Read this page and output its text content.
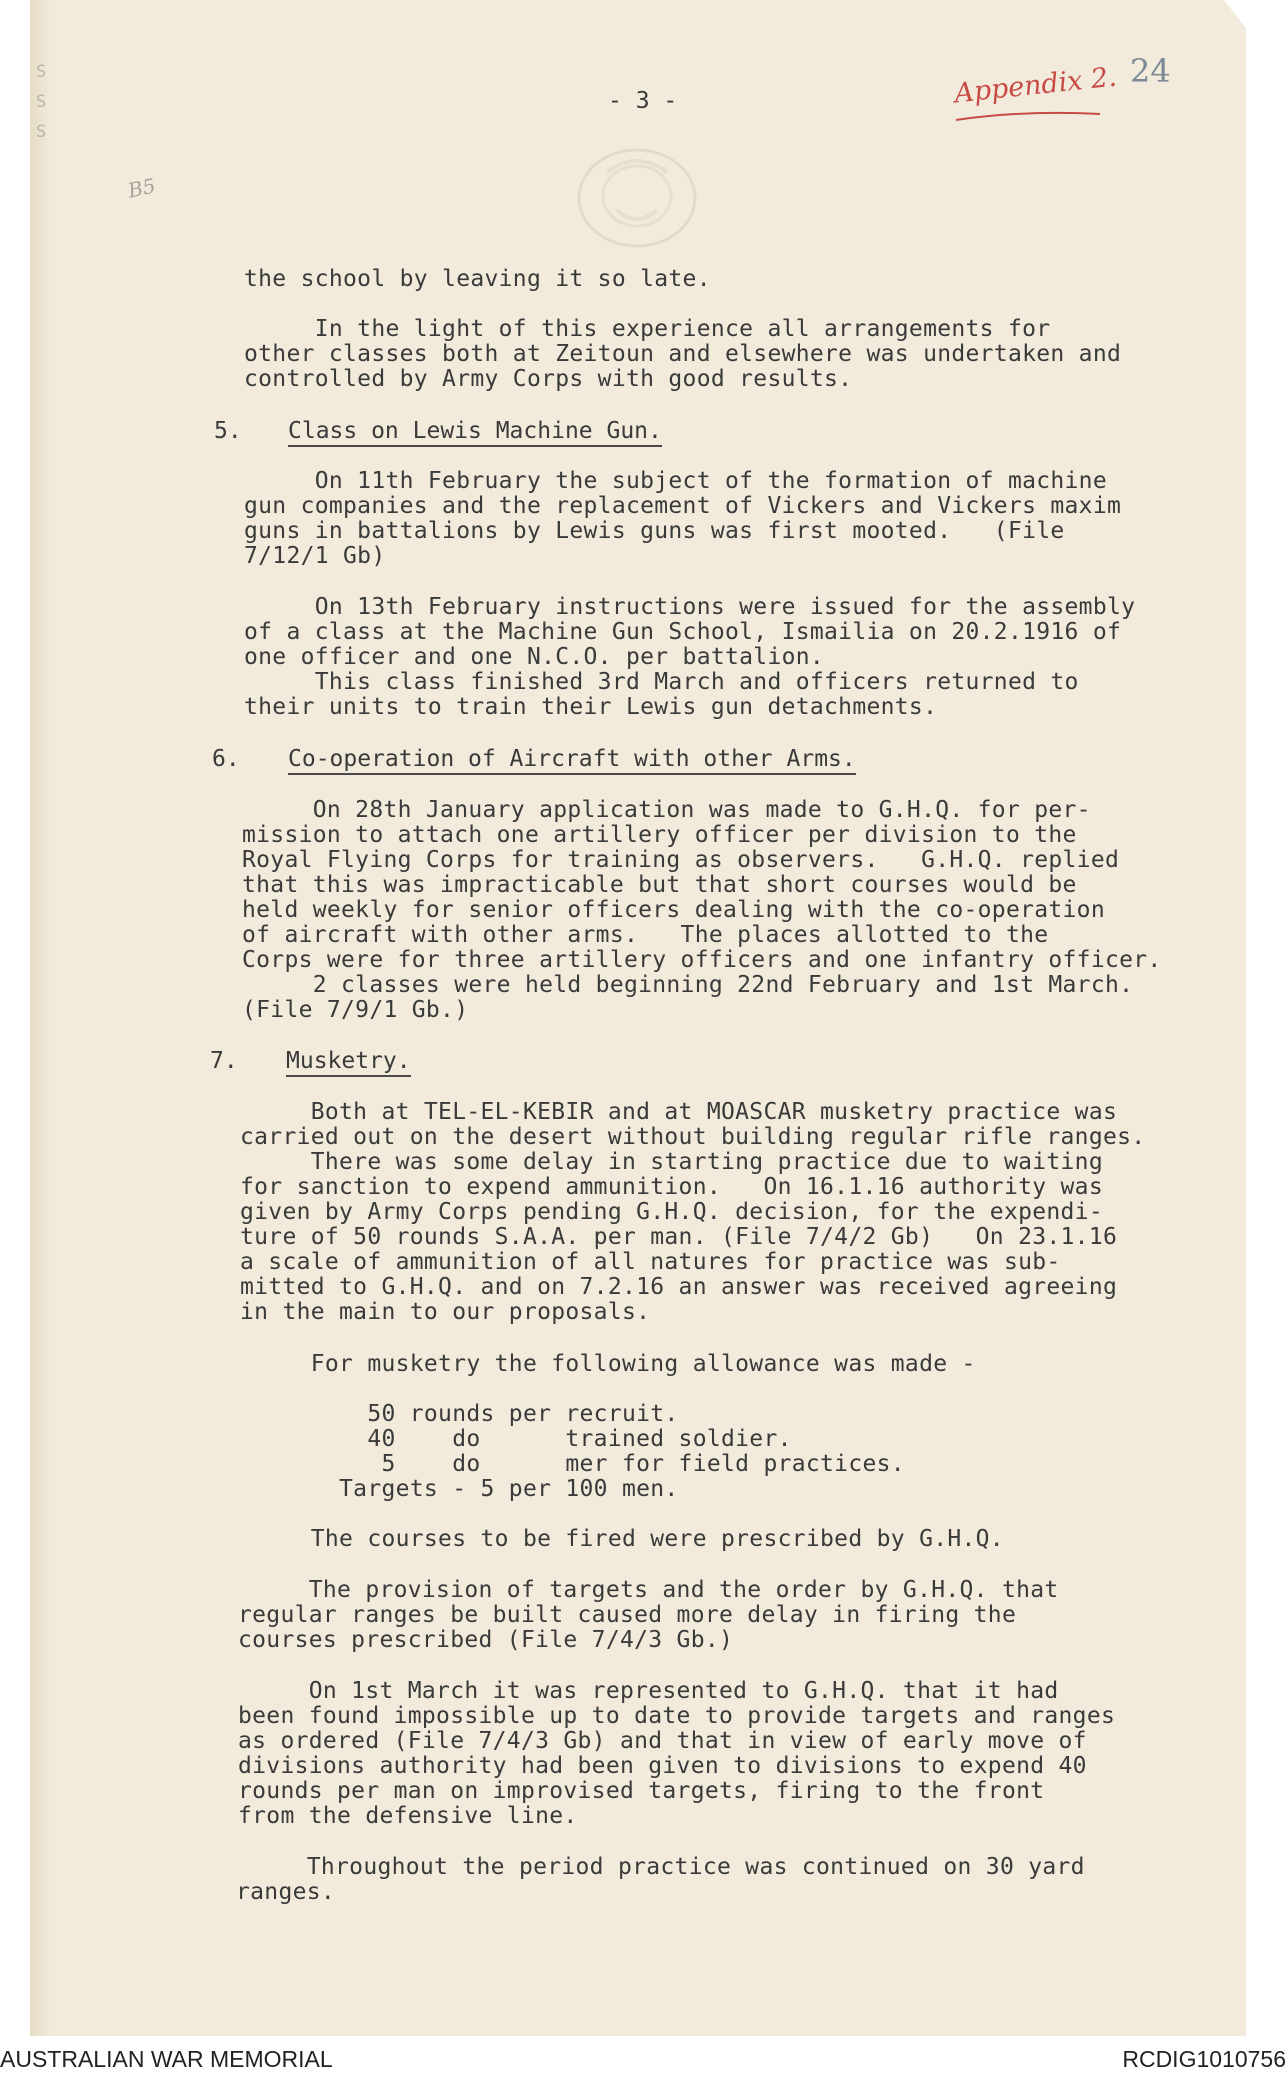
S
S
S
- 3 -	Appendix 2. 24
B5
the school by leaving it so late.
In the light of this experience all arrangements for
other classes both at Zeitoun and elsewhere was undertaken and
controlled by Army Corps with good results.
5. Class on Lewis Machine Gun.
On 11th February the subject of the formation of machine
gun companies and the replacement of Vickers and Vickers maxim
guns in battalions by Lewis guns was first mooted.   (File
7/12/1 Gb)
On 13th February instructions were issued for the assembly
of a class at the Machine Gun School, Ismailia on 20.2.1916 of
one officer and one N.C.O. per battalion.
This class finished 3rd March and officers returned to
their units to train their Lewis gun detachments.
6. Co-operation of Aircraft with other Arms.
On 28th January application was made to G.H.Q. for per-
mission to attach one artillery officer per division to the
Royal Flying Corps for training as observers.   G.H.Q. replied
that this was impracticable but that short courses would be
held weekly for senior officers dealing with the co-operation
of aircraft with other arms.   The places allotted to the
Corps were for three artillery officers and one infantry officer.
2 classes were held beginning 22nd February and 1st March.
(File 7/9/1 Gb.)
7. Musketry.
Both at TEL-EL-KEBIR and at MOASCAR musketry practice was
carried out on the desert without building regular rifle ranges.
There was some delay in starting practice due to waiting
for sanction to expend ammunition.   On 16.1.16 authority was
given by Army Corps pending G.H.Q. decision, for the expendi-
ture of 50 rounds S.A.A. per man. (File 7/4/2 Gb)   On 23.1.16
a scale of ammunition of all natures for practice was sub-
mitted to G.H.Q. and on 7.2.16 an answer was received agreeing
in the main to our proposals.
For musketry the following allowance was made -
50 rounds per recruit.
40    do      trained soldier.
5    do      mer for field practices.
Targets - 5 per 100 men.
The courses to be fired were prescribed by G.H.Q.
The provision of targets and the order by G.H.Q. that
regular ranges be built caused more delay in firing the
courses prescribed (File 7/4/3 Gb.)
On 1st March it was represented to G.H.Q. that it had
been found impossible up to date to provide targets and ranges
as ordered (File 7/4/3 Gb) and that in view of early move of
divisions authority had been given to divisions to expend 40
rounds per man on improvised targets, firing to the front
from the defensive line.
Throughout the period practice was continued on 30 yard
ranges.
AUSTRALIAN WAR MEMORIAL	RCDIG1010756
